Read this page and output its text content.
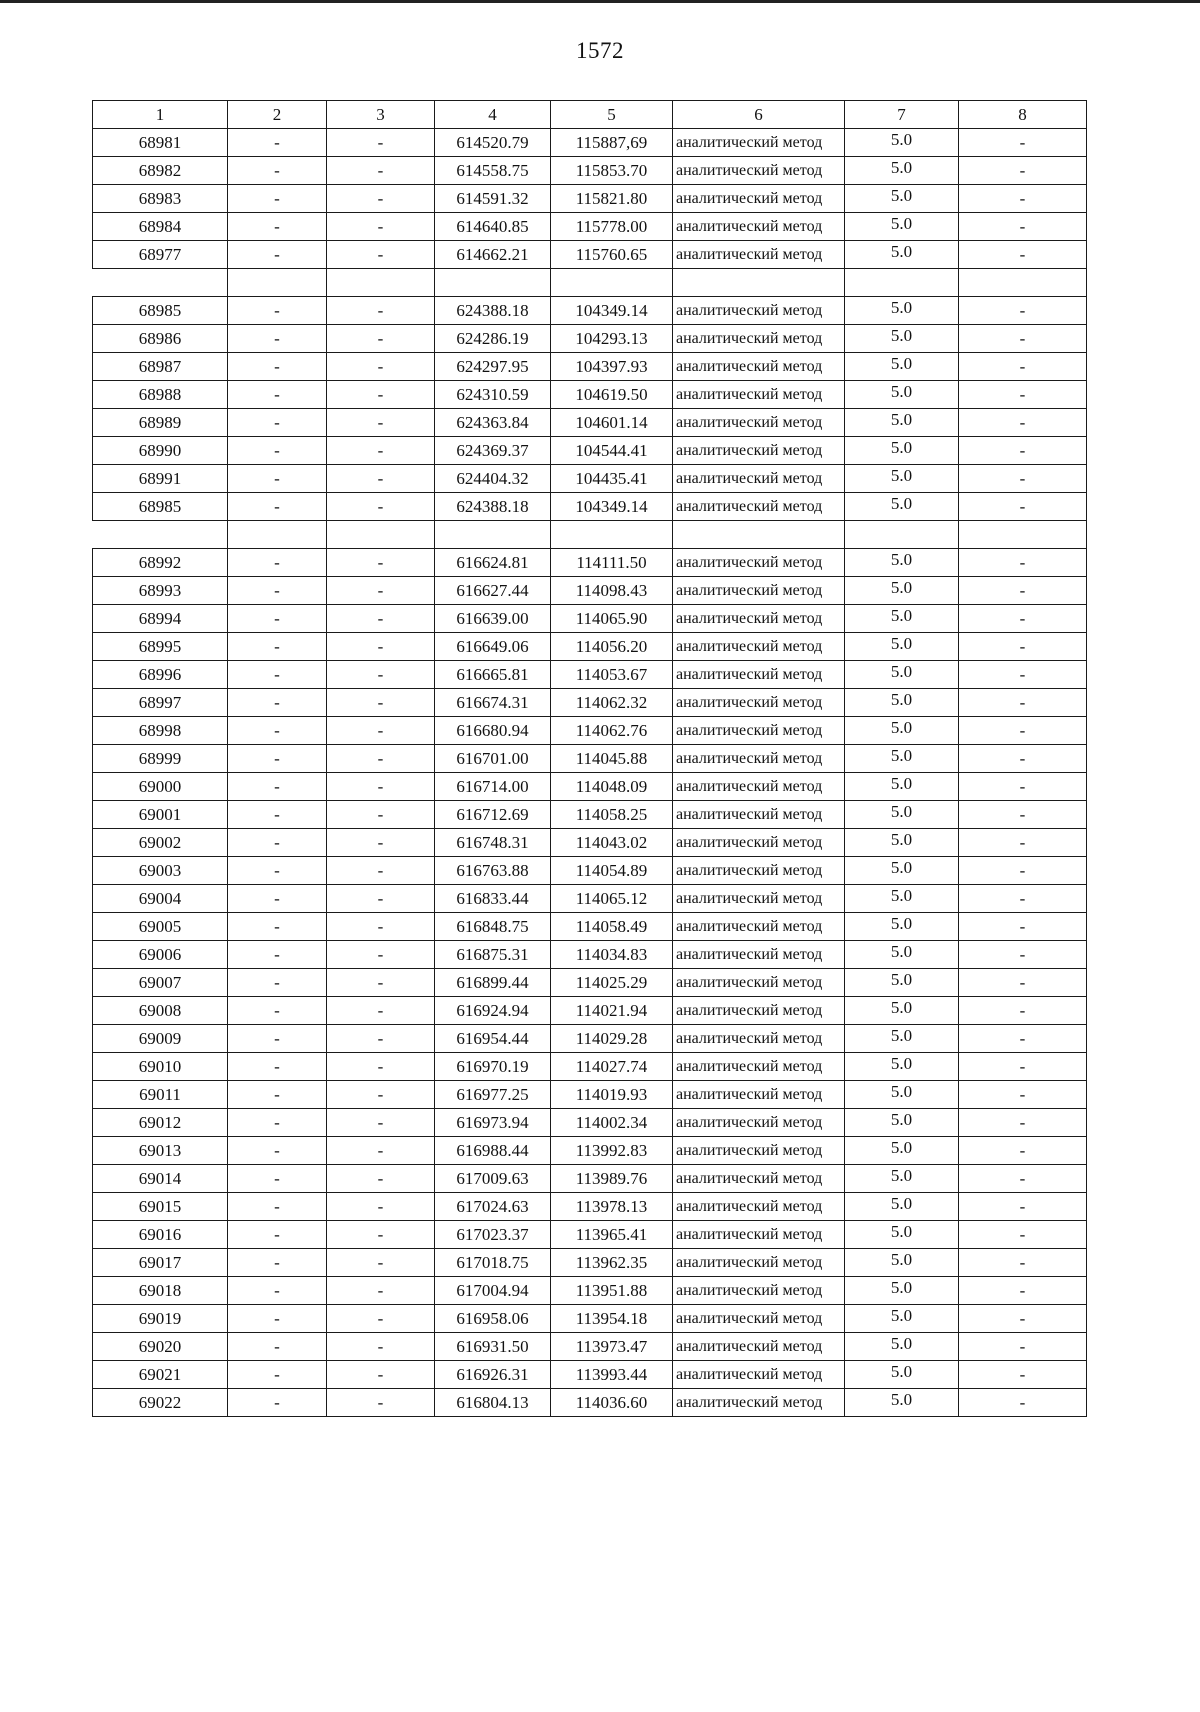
1572
1	2	3	4	5	6	7	8
68981	-	-	614520.79	115887,69	аналитический метод	5.0	-
68982	-	-	614558.75	115853.70	аналитический метод	5.0	-
68983	-	-	614591.32	115821.80	аналитический метод	5.0	-
68984	-	-	614640.85	115778.00	аналитический метод	5.0	-
68977	-	-	614662.21	115760.65	аналитический метод	5.0	-

68985	-	-	624388.18	104349.14	аналитический метод	5.0	-
68986	-	-	624286.19	104293.13	аналитический метод	5.0	-
68987	-	-	624297.95	104397.93	аналитический метод	5.0	-
68988	-	-	624310.59	104619.50	аналитический метод	5.0	-
68989	-	-	624363.84	104601.14	аналитический метод	5.0	-
68990	-	-	624369.37	104544.41	аналитический метод	5.0	-
68991	-	-	624404.32	104435.41	аналитический метод	5.0	-
68985	-	-	624388.18	104349.14	аналитический метод	5.0	-

68992	-	-	616624.81	114111.50	аналитический метод	5.0	-
68993	-	-	616627.44	114098.43	аналитический метод	5.0	-
68994	-	-	616639.00	114065.90	аналитический метод	5.0	-
68995	-	-	616649.06	114056.20	аналитический метод	5.0	-
68996	-	-	616665.81	114053.67	аналитический метод	5.0	-
68997	-	-	616674.31	114062.32	аналитический метод	5.0	-
68998	-	-	616680.94	114062.76	аналитический метод	5.0	-
68999	-	-	616701.00	114045.88	аналитический метод	5.0	-
69000	-	-	616714.00	114048.09	аналитический метод	5.0	-
69001	-	-	616712.69	114058.25	аналитический метод	5.0	-
69002	-	-	616748.31	114043.02	аналитический метод	5.0	-
69003	-	-	616763.88	114054.89	аналитический метод	5.0	-
69004	-	-	616833.44	114065.12	аналитический метод	5.0	-
69005	-	-	616848.75	114058.49	аналитический метод	5.0	-
69006	-	-	616875.31	114034.83	аналитический метод	5.0	-
69007	-	-	616899.44	114025.29	аналитический метод	5.0	-
69008	-	-	616924.94	114021.94	аналитический метод	5.0	-
69009	-	-	616954.44	114029.28	аналитический метод	5.0	-
69010	-	-	616970.19	114027.74	аналитический метод	5.0	-
69011	-	-	616977.25	114019.93	аналитический метод	5.0	-
69012	-	-	616973.94	114002.34	аналитический метод	5.0	-
69013	-	-	616988.44	113992.83	аналитический метод	5.0	-
69014	-	-	617009.63	113989.76	аналитический метод	5.0	-
69015	-	-	617024.63	113978.13	аналитический метод	5.0	-
69016	-	-	617023.37	113965.41	аналитический метод	5.0	-
69017	-	-	617018.75	113962.35	аналитический метод	5.0	-
69018	-	-	617004.94	113951.88	аналитический метод	5.0	-
69019	-	-	616958.06	113954.18	аналитический метод	5.0	-
69020	-	-	616931.50	113973.47	аналитический метод	5.0	-
69021	-	-	616926.31	113993.44	аналитический метод	5.0	-
69022	-	-	616804.13	114036.60	аналитический метод	5.0	-
